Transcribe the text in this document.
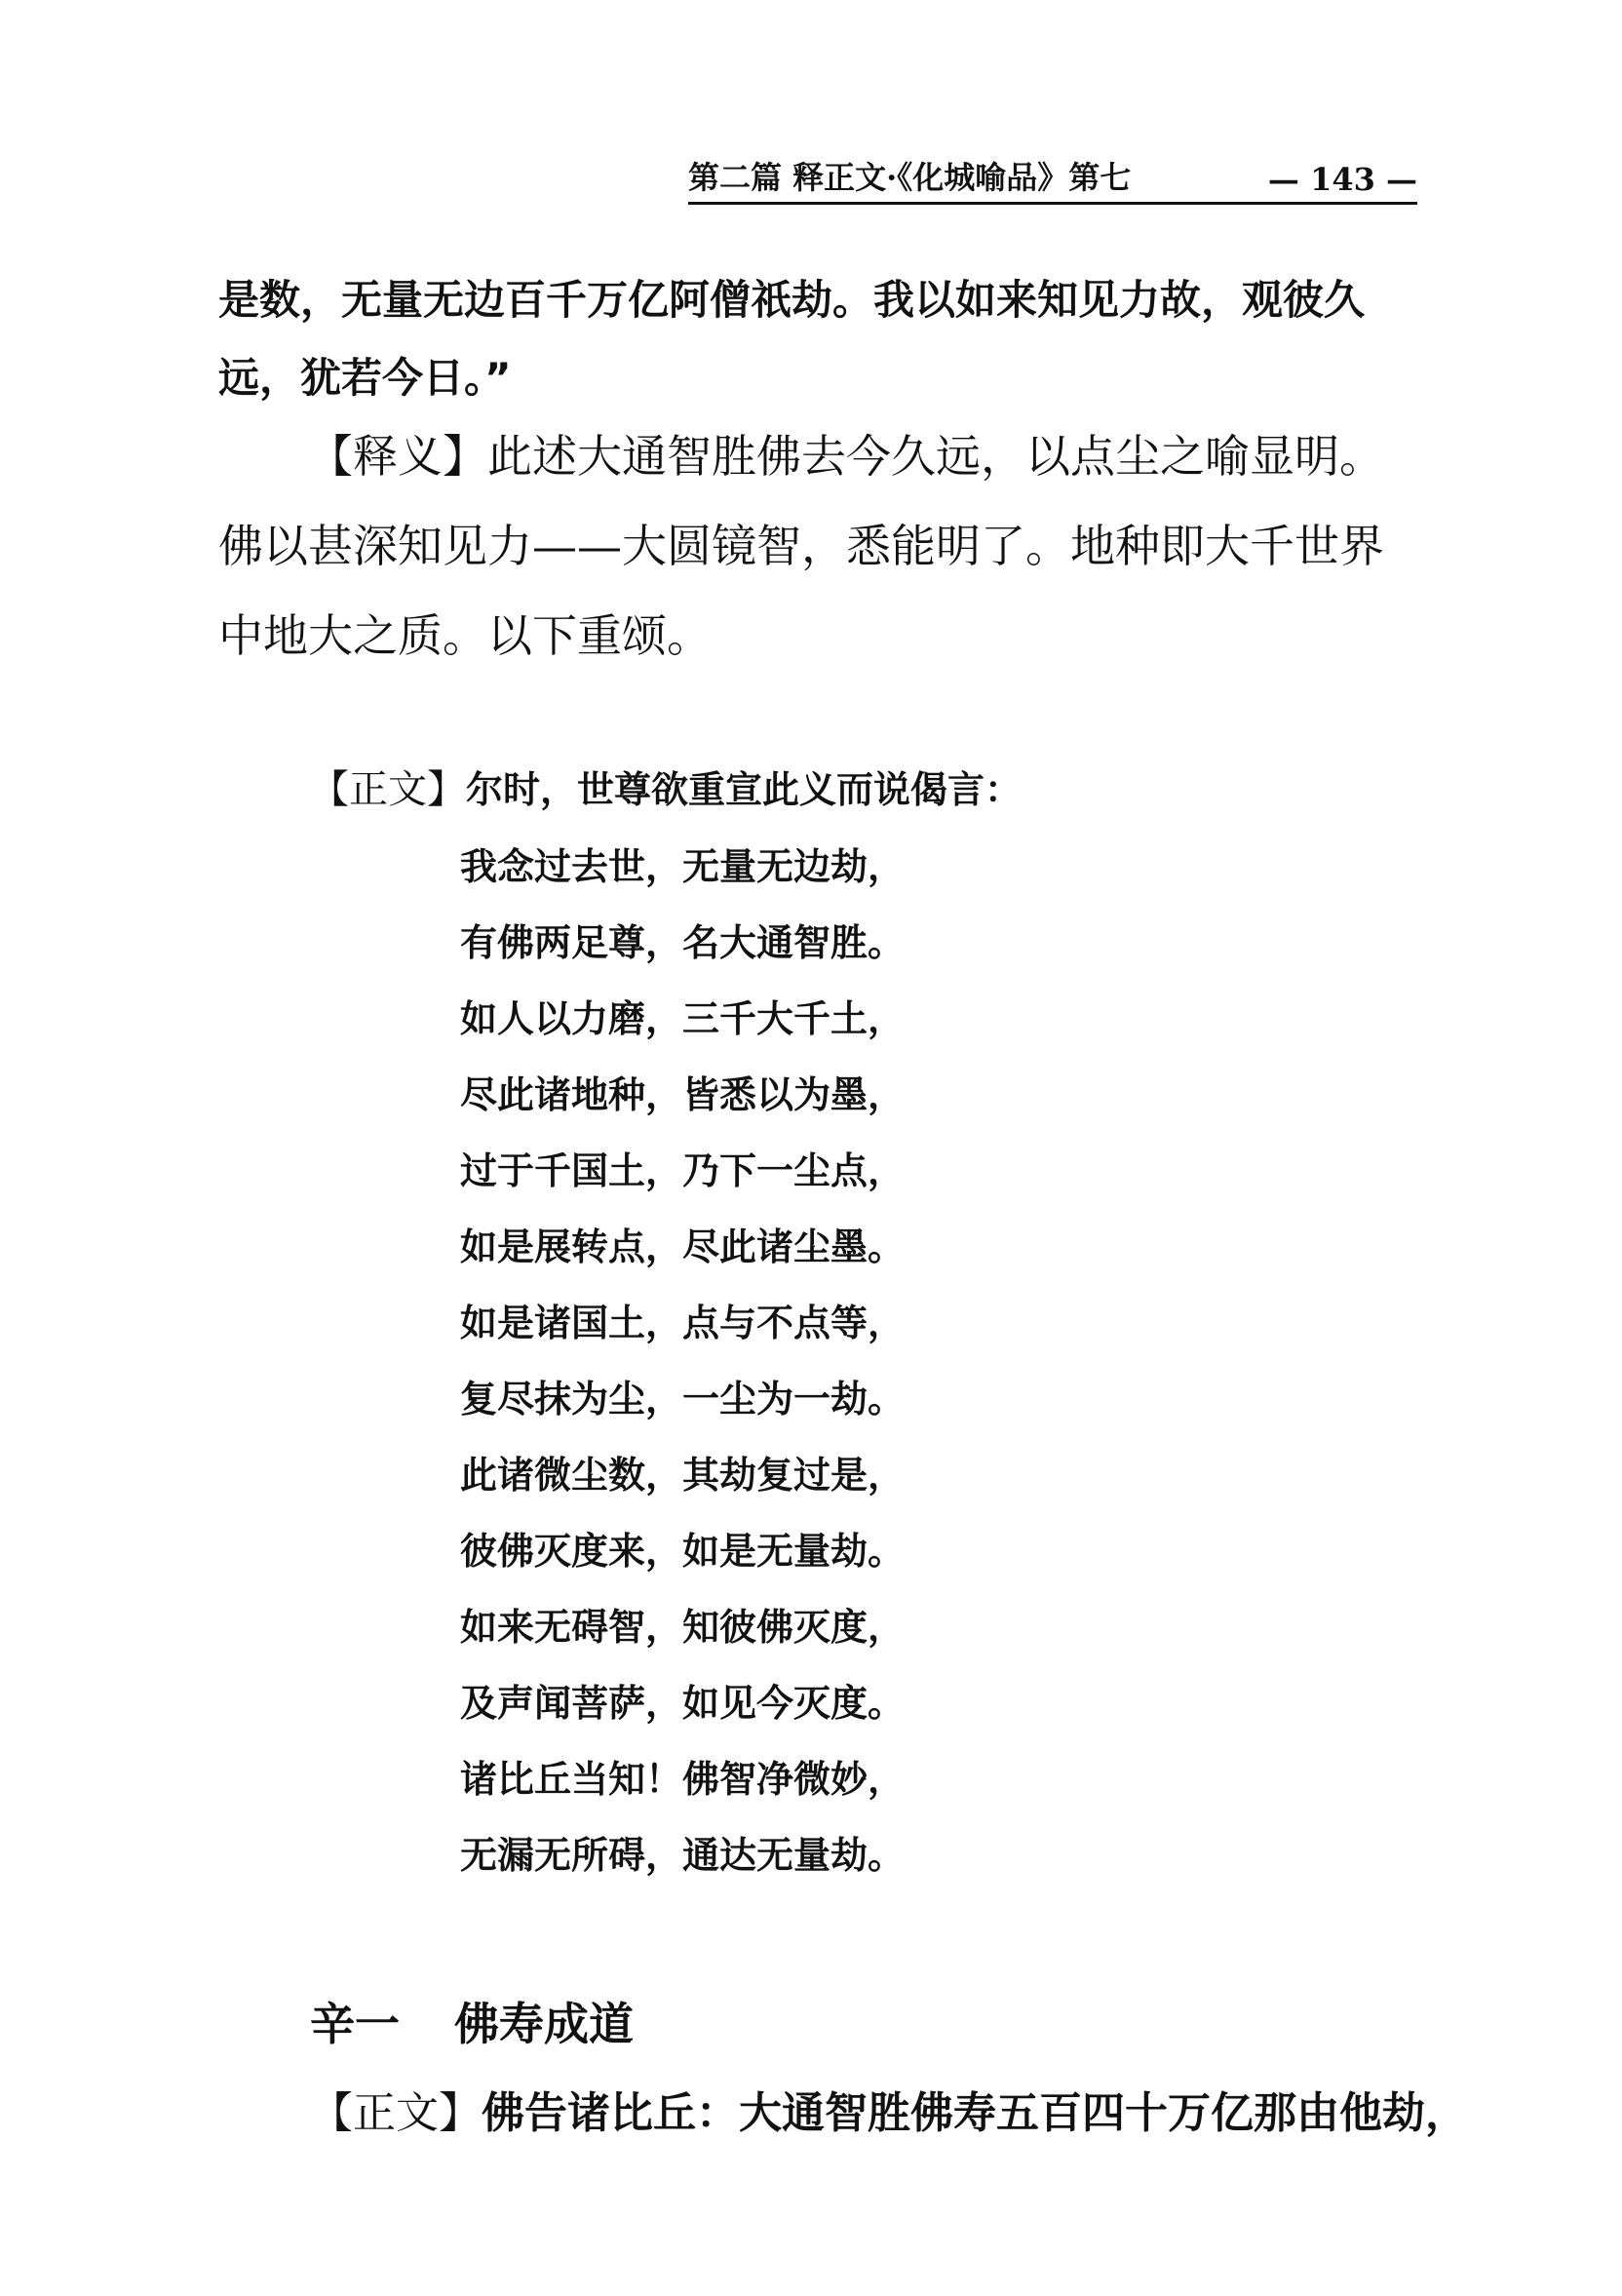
第二篇 释正文·《化城喻品》第七	— 143 —
是数，无量无边百千万亿阿僧祇劫。我以如来知见力故，观彼久远，犹若今日。”
【释义】此述大通智胜佛去今久远，以点尘之喻显明。佛以甚深知见力——大圆镜智，悉能明了。地种即大千世界中地大之质。以下重颂。
【正文】尔时，世尊欲重宣此义而说偈言：
我念过去世，无量无边劫，
有佛两足尊，名大通智胜。
如人以力磨，三千大千土，
尽此诸地种，皆悉以为墨，
过于千国土，乃下一尘点，
如是展转点，尽此诸尘墨。
如是诸国土，点与不点等，
复尽抹为尘，一尘为一劫。
此诸微尘数，其劫复过是，
彼佛灭度来，如是无量劫。
如来无碍智，知彼佛灭度，
及声闻菩萨，如见今灭度。
诸比丘当知！佛智净微妙，
无漏无所碍，通达无量劫。
辛一 佛寿成道
【正文】佛告诸比丘：大通智胜佛寿五百四十万亿那由他劫，
